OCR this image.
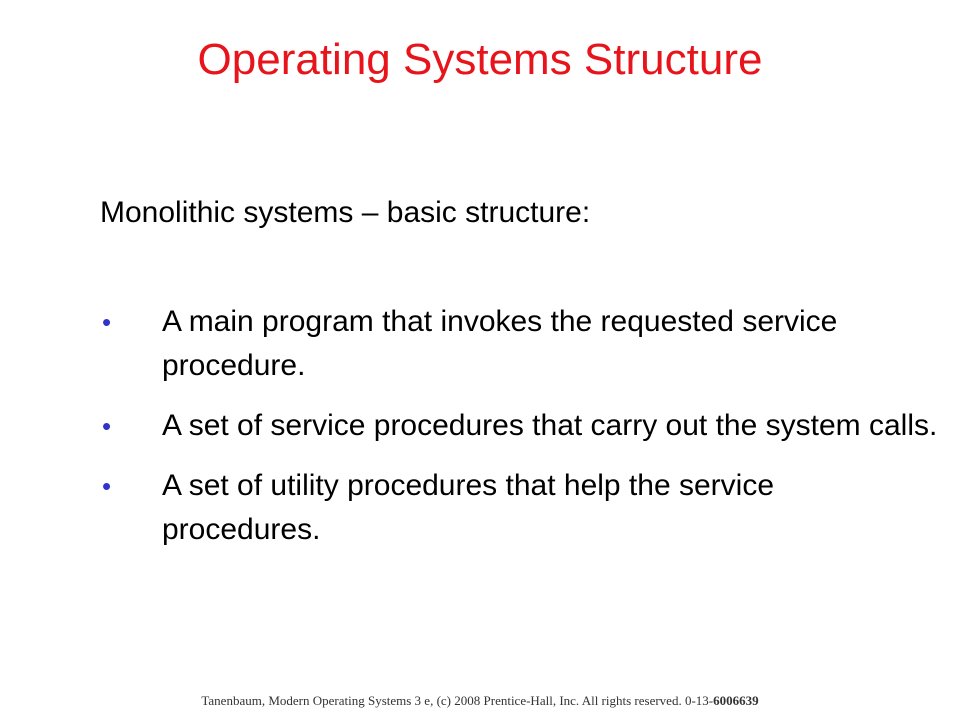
Operating Systems Structure
Monolithic systems – basic structure:
• A main program that invokes the requested service procedure.
• A set of service procedures that carry out the system calls.
• A set of utility procedures that help the service procedures.
Tanenbaum, Modern Operating Systems 3 e, (c) 2008 Prentice-Hall, Inc. All rights reserved. 0-13-6006639
